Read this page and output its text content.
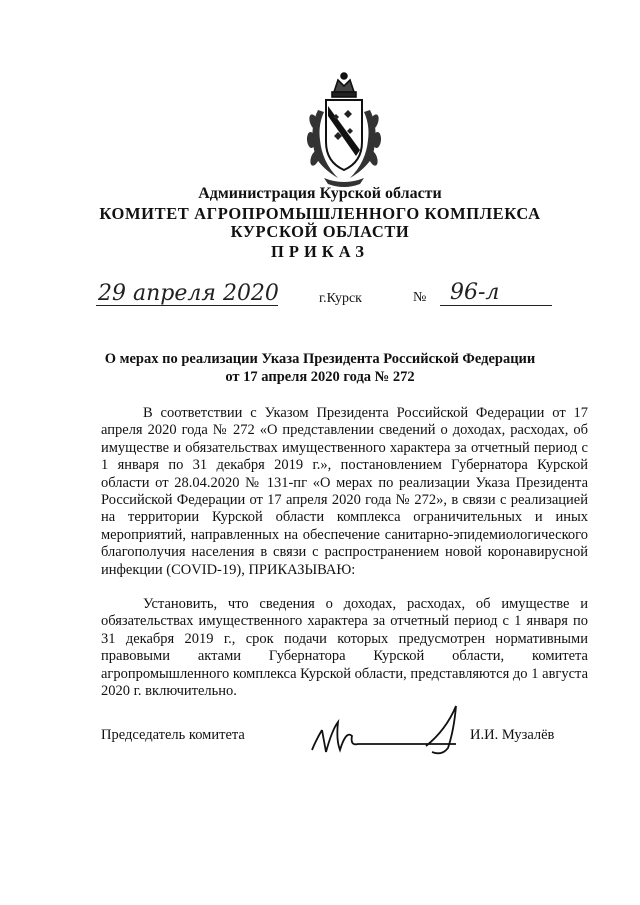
Администрация Курской области
КОМИТЕТ АГРОПРОМЫШЛЕННОГО КОМПЛЕКСА
КУРСКОЙ ОБЛАСТИ
ПРИКАЗ
29 апреля 2020	г.Курск	№ 96-л
О мерах по реализации Указа Президента Российской Федерации
от 17 апреля 2020 года № 272

В соответствии с Указом Президента Российской Федерации от 17 апреля 2020 года № 272 «О представлении сведений о доходах, расходах, об имуществе и обязательствах имущественного характера за отчетный период с 1 января по 31 декабря 2019 г.», постановлением Губернатора Курской области от 28.04.2020 № 131-пг «О мерах по реализации Указа Президента Российской Федерации от 17 апреля 2020 года № 272», в связи с реализацией на территории Курской области комплекса ограничительных и иных мероприятий, направленных на обеспечение санитарно-эпидемиологического благополучия населения в связи с распространением новой коронавирусной инфекции (COVID-19), ПРИКАЗЫВАЮ:

Установить, что сведения о доходах, расходах, об имуществе и обязательствах имущественного характера за отчетный период с 1 января по 31 декабря 2019 г., срок подачи которых предусмотрен нормативными правовыми актами Губернатора Курской области, комитета агропромышленного комплекса Курской области, представляются до 1 августа 2020 г. включительно.

Председатель комитета	И.И. Музалёв
